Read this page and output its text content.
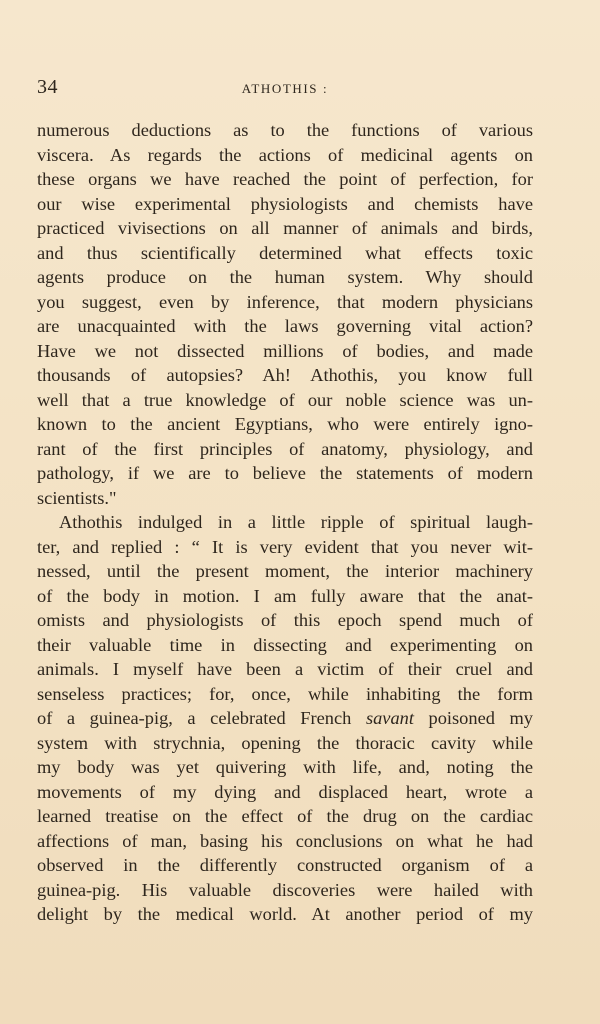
34	ATHOTHIS :
numerous deductions as to the functions of various
viscera. As regards the actions of medicinal agents on
these organs we have reached the point of perfection, for
our wise experimental physiologists and chemists have
practiced vivisections on all manner of animals and birds,
and thus scientifically determined what effects toxic
agents produce on the human system. Why should
you suggest, even by inference, that modern physicians
are unacquainted with the laws governing vital action?
Have we not dissected millions of bodies, and made
thousands of autopsies? Ah! Athothis, you know full
well that a true knowledge of our noble science was un-
known to the ancient Egyptians, who were entirely igno-
rant of the first principles of anatomy, physiology, and
pathology, if we are to believe the statements of modern
scientists."
Athothis indulged in a little ripple of spiritual laugh-
ter, and replied : “ It is very evident that you never wit-
nessed, until the present moment, the interior machinery
of the body in motion. I am fully aware that the anat-
omists and physiologists of this epoch spend much of
their valuable time in dissecting and experimenting on
animals. I myself have been a victim of their cruel and
senseless practices; for, once, while inhabiting the form
of a guinea-pig, a celebrated French savant poisoned my
system with strychnia, opening the thoracic cavity while
my body was yet quivering with life, and, noting the
movements of my dying and displaced heart, wrote a
learned treatise on the effect of the drug on the cardiac
affections of man, basing his conclusions on what he had
observed in the differently constructed organism of a
guinea-pig. His valuable discoveries were hailed with
delight by the medical world. At another period of my
